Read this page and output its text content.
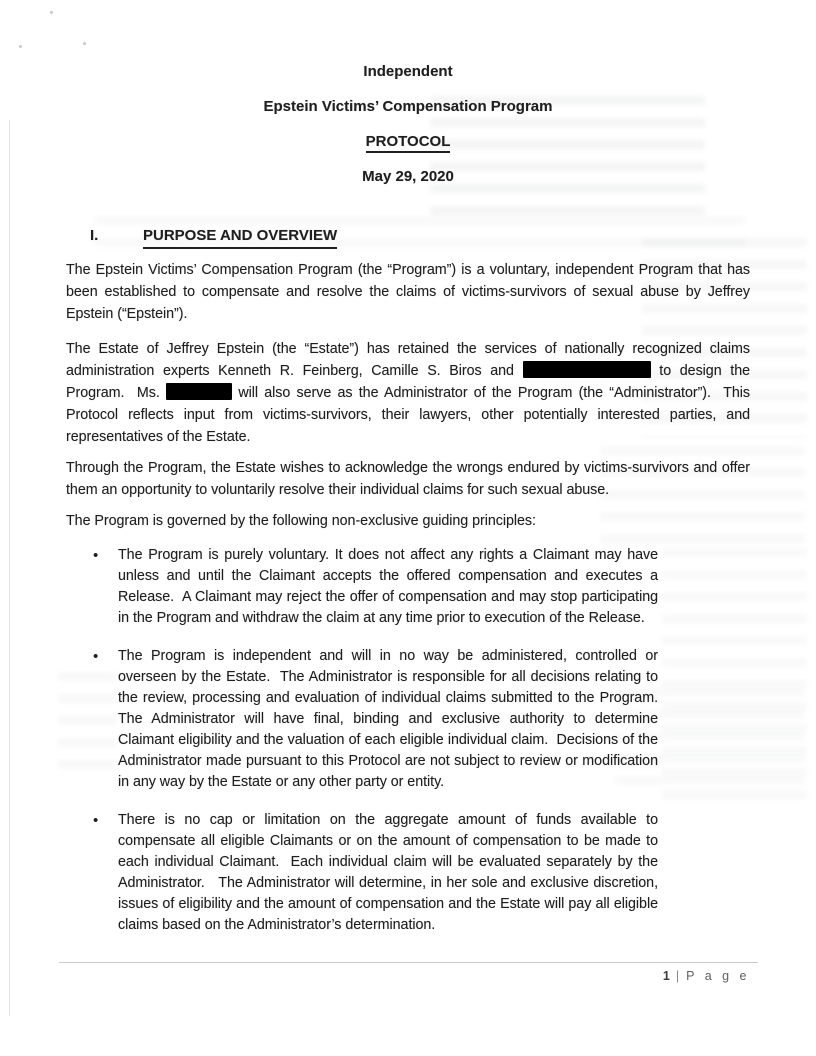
Independent
Epstein Victims’ Compensation Program
PROTOCOL
May 29, 2020
I.	PURPOSE AND OVERVIEW
The Epstein Victims’ Compensation Program (the “Program”) is a voluntary, independent Program that has been established to compensate and resolve the claims of victims-survivors of sexual abuse by Jeffrey Epstein (“Epstein”).
The Estate of Jeffrey Epstein (the “Estate”) has retained the services of nationally recognized claims administration experts Kenneth R. Feinberg, Camille S. Biros and	to design the Program.  Ms.	will also serve as the Administrator of the Program (the “Administrator”).  This Protocol reflects input from victims-survivors, their lawyers, other potentially interested parties, and representatives of the Estate.
Through the Program, the Estate wishes to acknowledge the wrongs endured by victims-survivors and offer them an opportunity to voluntarily resolve their individual claims for such sexual abuse.
The Program is governed by the following non-exclusive guiding principles:
•	The Program is purely voluntary. It does not affect any rights a Claimant may have unless and until the Claimant accepts the offered compensation and executes a Release.  A Claimant may reject the offer of compensation and may stop participating in the Program and withdraw the claim at any time prior to execution of the Release.
•	The Program is independent and will in no way be administered, controlled or overseen by the Estate.  The Administrator is responsible for all decisions relating to the review, processing and evaluation of individual claims submitted to the Program.  The Administrator will have final, binding and exclusive authority to determine Claimant eligibility and the valuation of each eligible individual claim.  Decisions of the Administrator made pursuant to this Protocol are not subject to review or modification in any way by the Estate or any other party or entity.
•	There is no cap or limitation on the aggregate amount of funds available to compensate all eligible Claimants or on the amount of compensation to be made to each individual Claimant.  Each individual claim will be evaluated separately by the Administrator.   The Administrator will determine, in her sole and exclusive discretion, issues of eligibility and the amount of compensation and the Estate will pay all eligible claims based on the Administrator’s determination.
1 | P a g e
